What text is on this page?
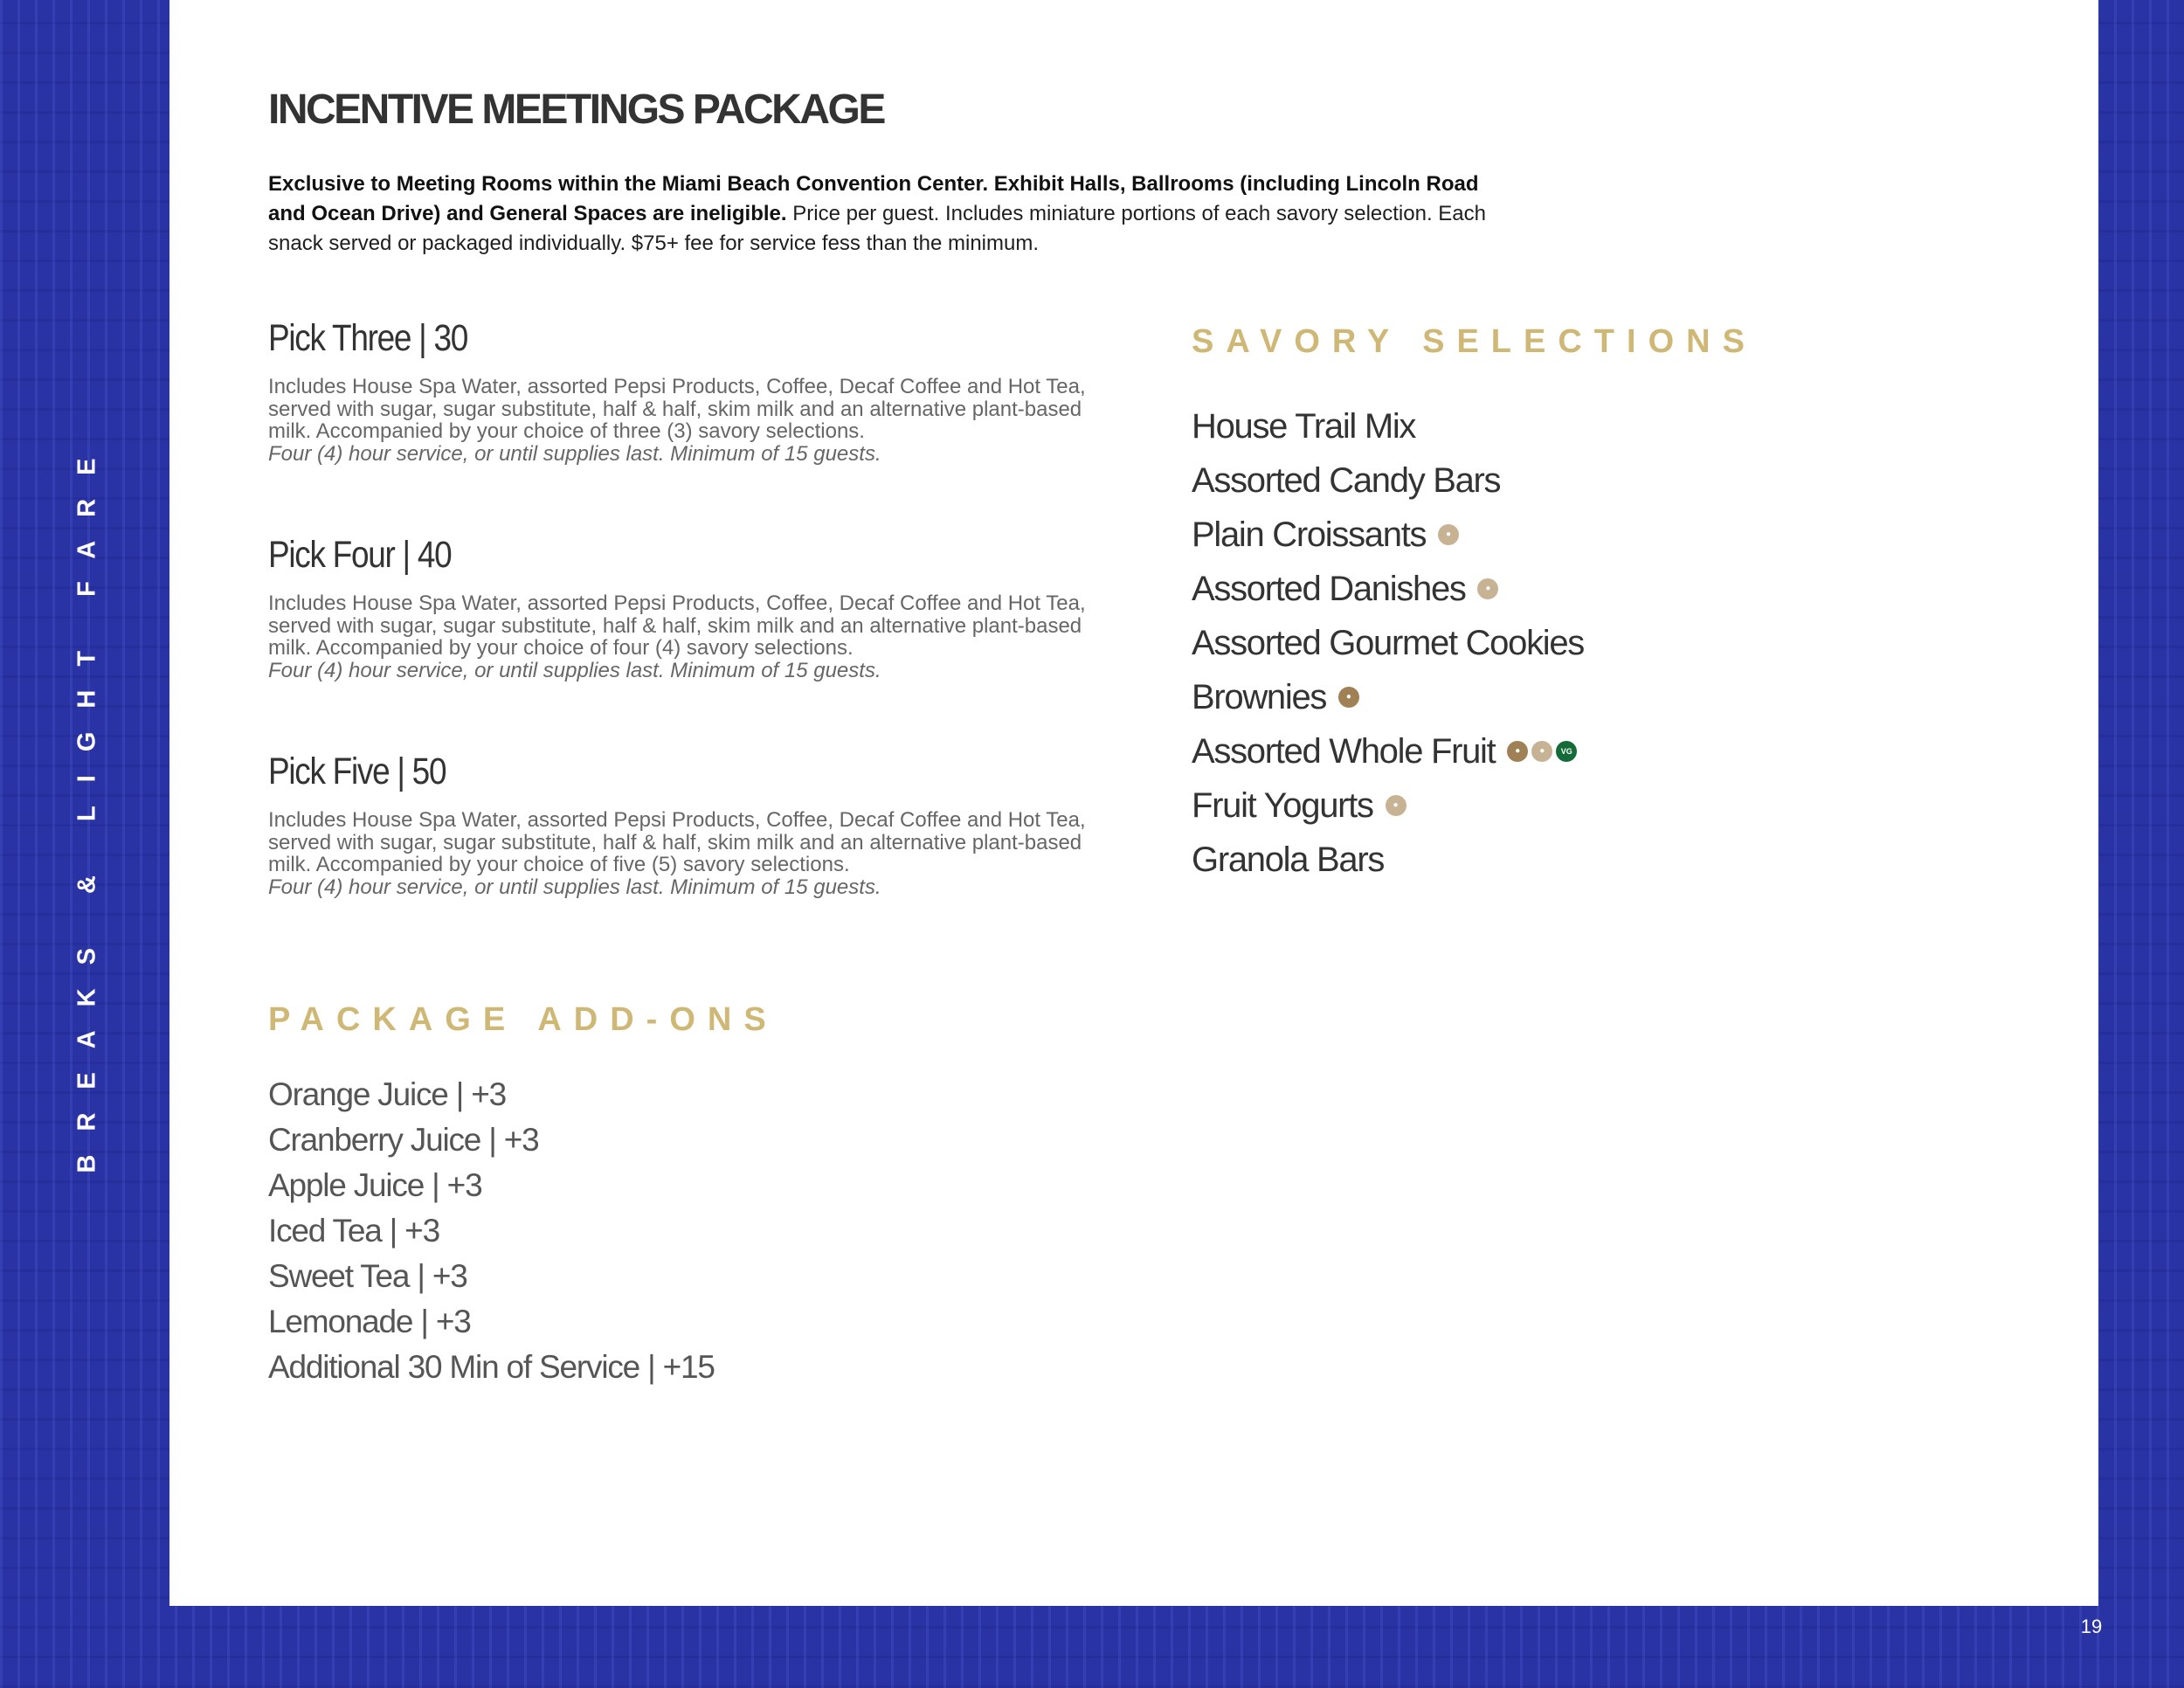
BREAKS & LIGHT FARE
19
INCENTIVE MEETINGS PACKAGE

Exclusive to Meeting Rooms within the Miami Beach Convention Center. Exhibit Halls, Ballrooms (including Lincoln Road and Ocean Drive) and General Spaces are ineligible. Price per guest. Includes miniature portions of each savory selection. Each snack served or packaged individually. $75+ fee for service fess than the minimum.

Pick Three | 30

Includes House Spa Water, assorted Pepsi Products, Coffee, Decaf Coffee and Hot Tea, served with sugar, sugar substitute, half & half, skim milk and an alternative plant-based milk. Accompanied by your choice of three (3) savory selections.
Four (4) hour service, or until supplies last. Minimum of 15 guests.

Pick Four | 40

Includes House Spa Water, assorted Pepsi Products, Coffee, Decaf Coffee and Hot Tea, served with sugar, sugar substitute, half & half, skim milk and an alternative plant-based milk. Accompanied by your choice of four (4) savory selections.
Four (4) hour service, or until supplies last. Minimum of 15 guests.

Pick Five | 50

Includes House Spa Water, assorted Pepsi Products, Coffee, Decaf Coffee and Hot Tea, served with sugar, sugar substitute, half & half, skim milk and an alternative plant-based milk. Accompanied by your choice of five (5) savory selections.
Four (4) hour service, or until supplies last. Minimum of 15 guests.

SAVORY SELECTIONS
House Trail Mix
Assorted Candy Bars
Plain Croissants ●
Assorted Danishes ●
Assorted Gourmet Cookies
Brownies ●
Assorted Whole Fruit ● ● VG
Fruit Yogurts ●
Granola Bars
PACKAGE ADD-ONS
Orange Juice | +3
Cranberry Juice | +3
Apple Juice | +3
Iced Tea | +3
Sweet Tea | +3
Lemonade | +3
Additional 30 Min of Service | +15
